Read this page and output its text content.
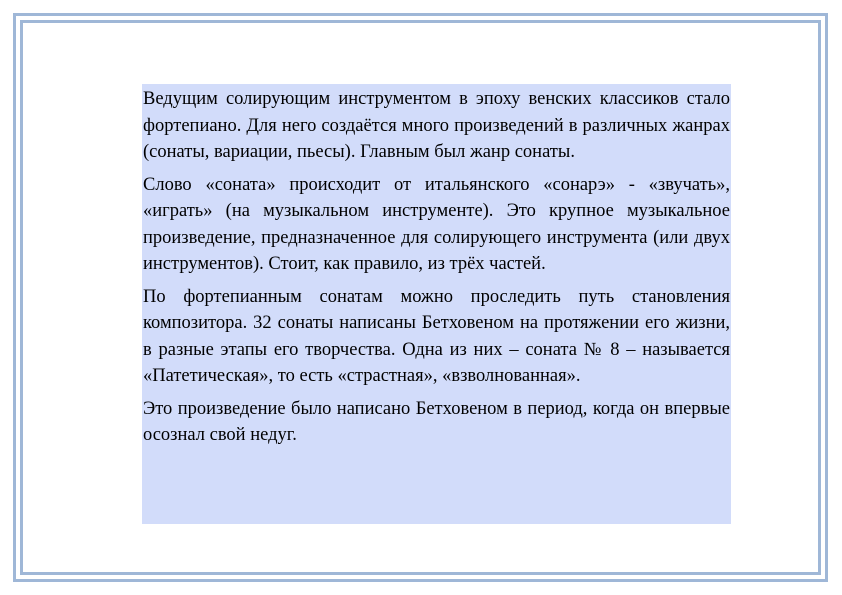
Ведущим солирующим инструментом в эпоху венских классиков стало фортепиано. Для него создаётся много произведений в различных жанрах (сонаты, вариации, пьесы). Главным был жанр сонаты.

Слово «соната» происходит от итальянского «сонарэ» - «звучать», «играть» (на музыкальном инструменте). Это крупное музыкальное произведение, предназначенное для солирующего инструмента (или двух инструментов). Стоит, как правило, из трёх частей.

По фортепианным сонатам можно проследить путь становления композитора. 32 сонаты написаны Бетховеном на протяжении его жизни, в разные этапы его творчества. Одна из них – соната № 8 – называется «Патетическая», то есть «страстная», «взволнованная».

Это произведение было написано Бетховеном в период, когда он впервые осознал свой недуг.
